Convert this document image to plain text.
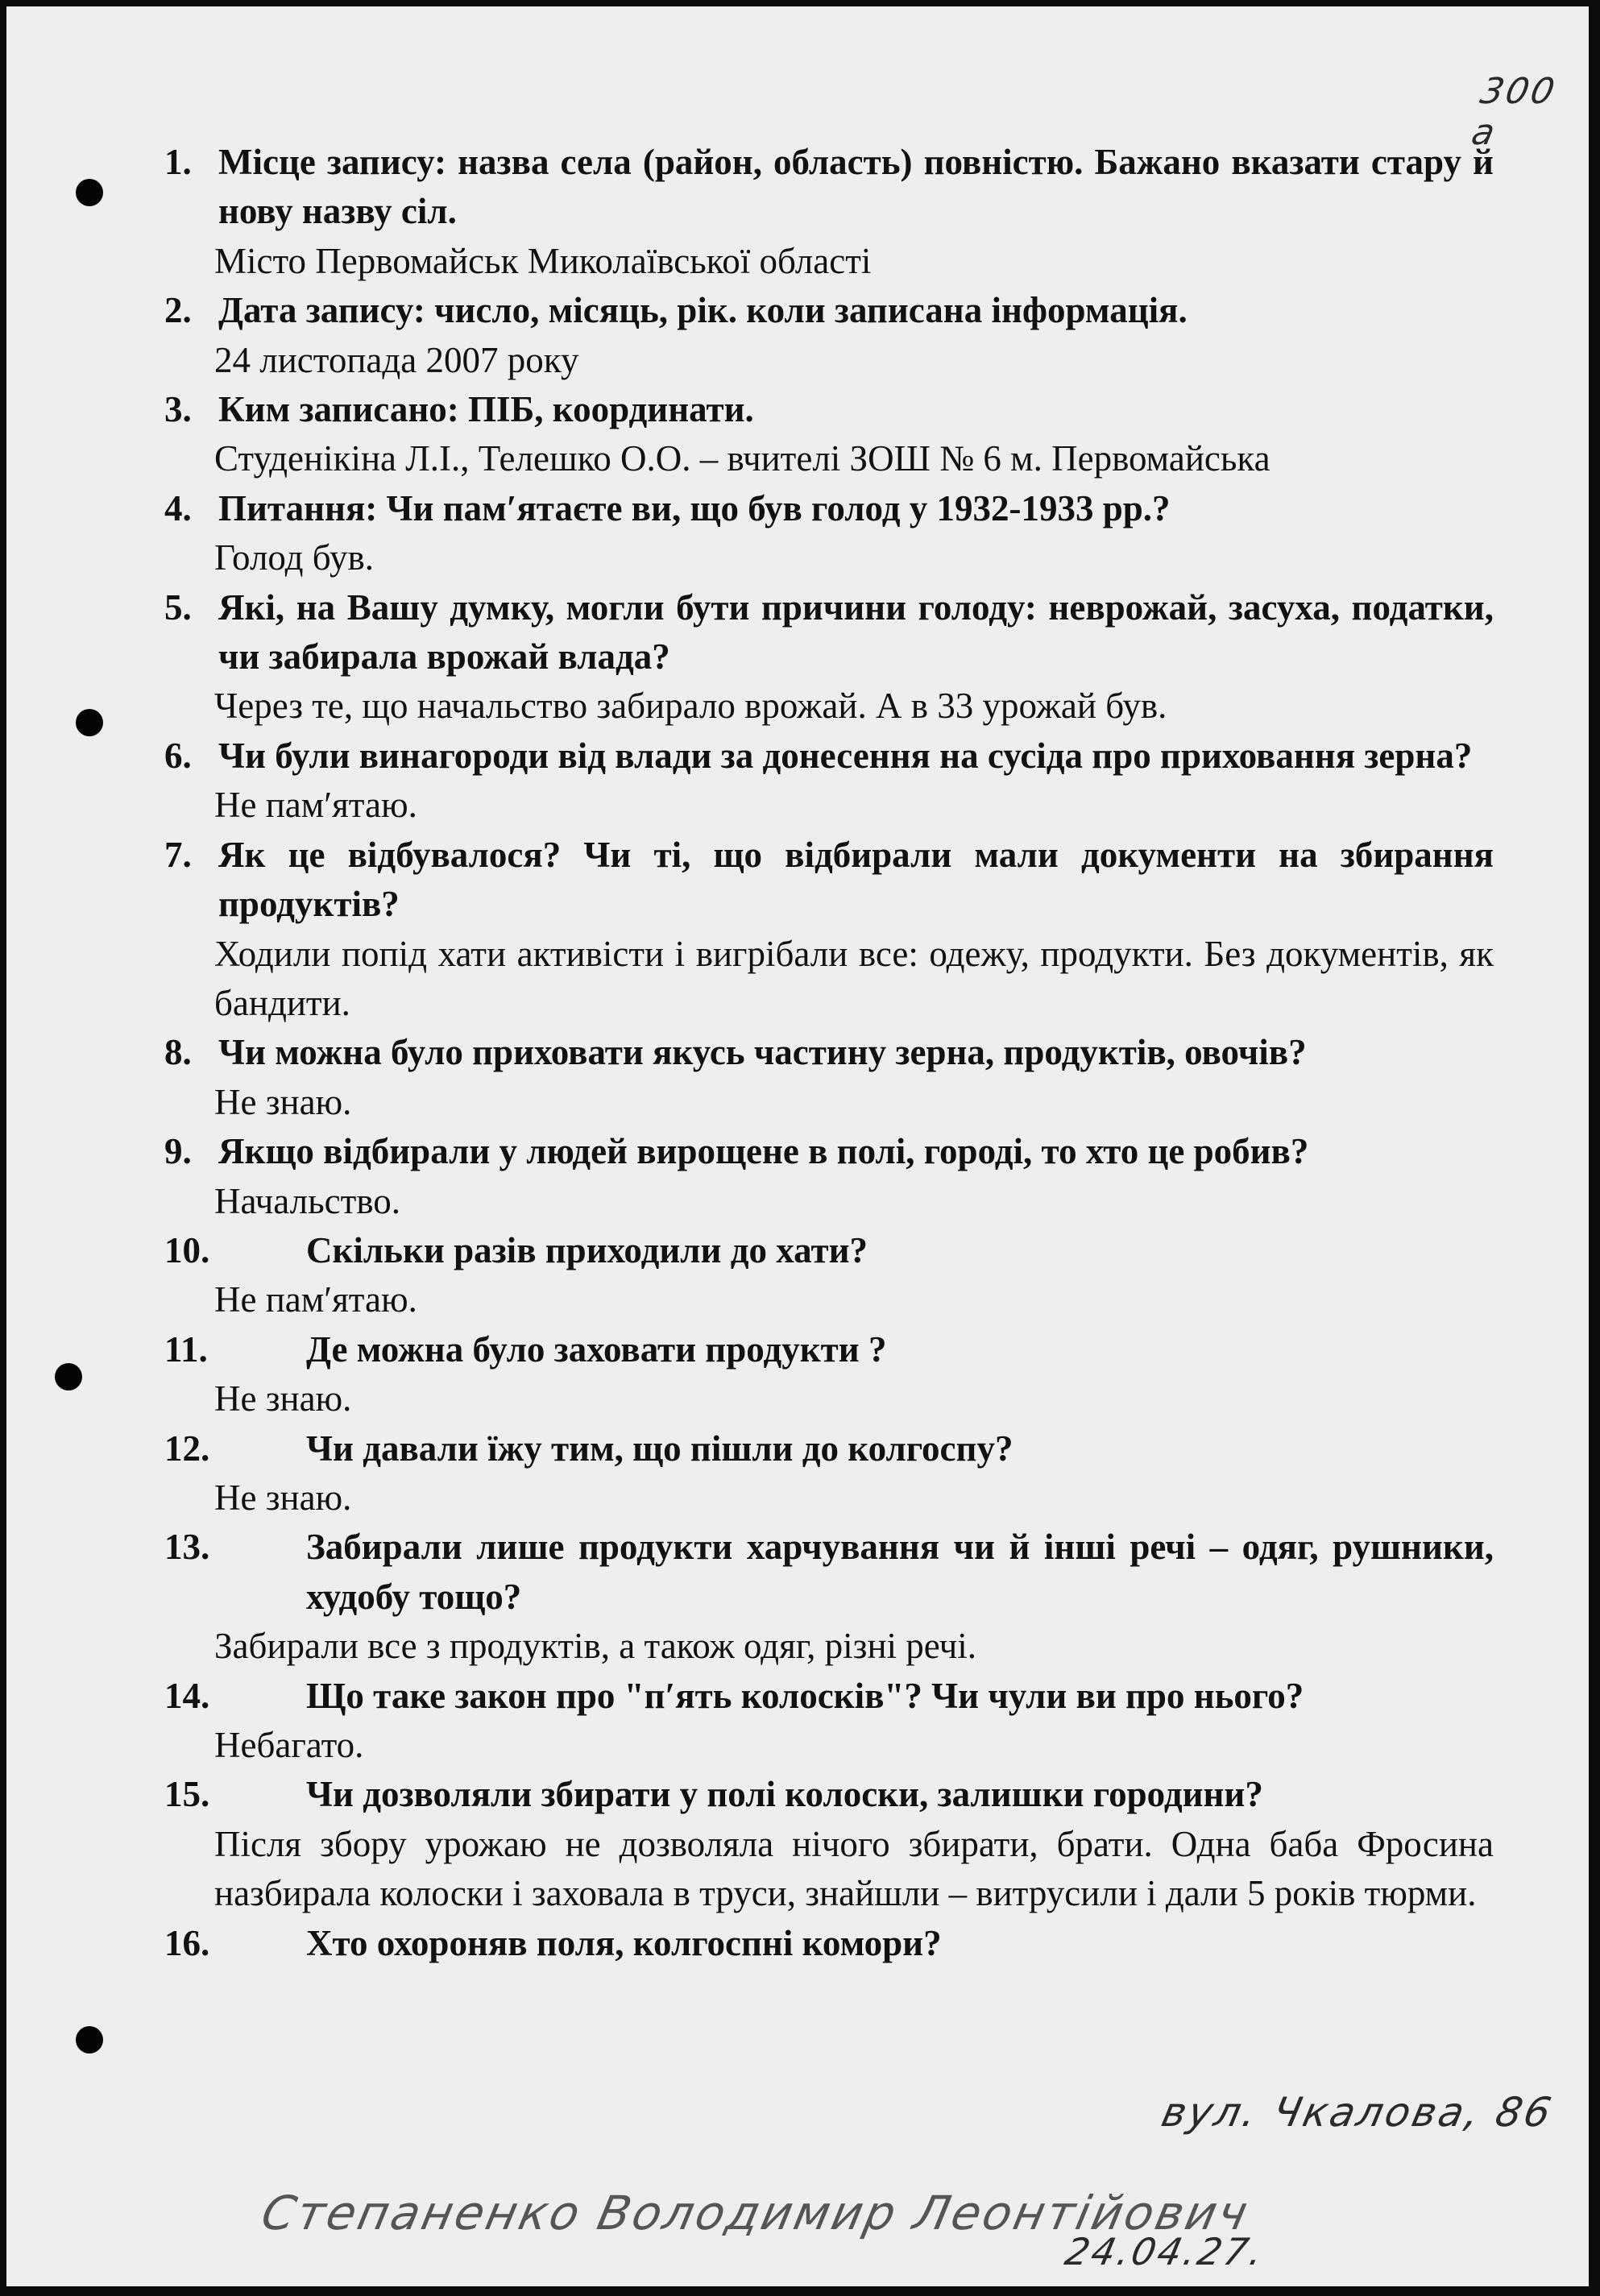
300 а
1. Місце запису: назва села (район, область) повністю. Бажано вказати стару й нову назву сіл.
Місто Первомайськ Миколаївської області
2. Дата запису: число, місяць, рік. коли записана інформація.
24 листопада 2007 року
3. Ким записано: ПІБ, координати.
Студенікіна Л.І., Телешко О.О. – вчителі ЗОШ № 6 м. Первомайська
4. Питання: Чи пам′ятаєте ви, що був голод у 1932-1933 рр.?
Голод був.
5. Які, на Вашу думку, могли бути причини голоду: неврожай, засуха, податки, чи забирала врожай влада?
Через те, що начальство забирало врожай. А в 33 урожай був.
6. Чи були винагороди від влади за донесення на сусіда про приховання зерна?
Не пам′ятаю.
7. Як це відбувалося? Чи ті, що відбирали мали документи на збирання продуктів?
Ходили попід хати активісти і вигрібали все: одежу, продукти. Без документів, як бандити.
8. Чи можна було приховати якусь частину зерна, продуктів, овочів?
Не знаю.
9. Якщо відбирали у людей вирощене в полі, городі, то хто це робив?
Начальство.
10.	Скільки разів приходили до хати?
Не пам′ятаю.
11.	Де можна було заховати продукти ?
Не знаю.
12.	Чи давали їжу тим, що пішли до колгоспу?
Не знаю.
13.	Забирали лише продукти харчування чи й інші речі – одяг, рушники, худобу тощо?
Забирали все з продуктів, а також одяг, різні речі.
14.	Що таке закон про "п′ять колосків"? Чи чули ви про нього?
Небагато.
15.	Чи дозволяли збирати у полі колоски, залишки городини?
Після збору урожаю не дозволяла нічого збирати, брати. Одна баба Фросина назбирала колоски і заховала в труси, знайшли – витрусили і дали 5 років тюрми.
16.	Хто охороняв поля, колгоспні комори?
вул. Чкалова, 86
Степаненко Володимир Леонтійович
24.04.27.
